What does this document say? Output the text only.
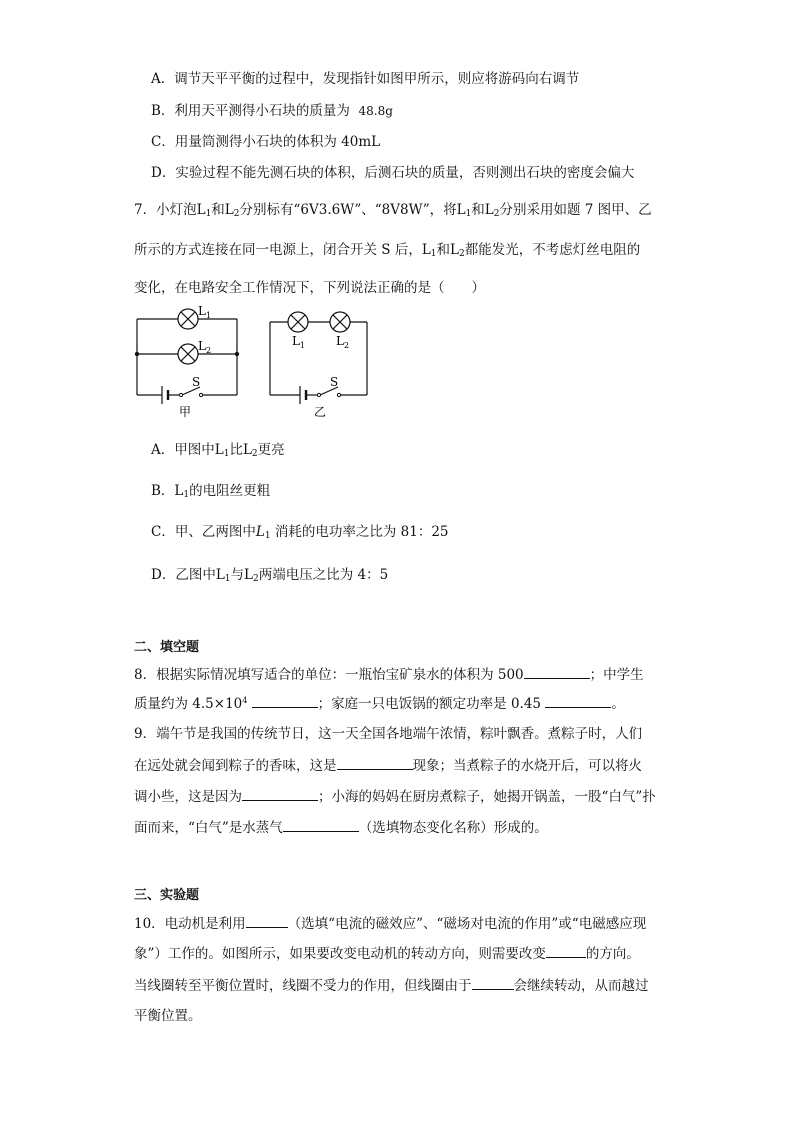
A．调节天平平衡的过程中，发现指针如图甲所示，则应将游码向右调节
B．利用天平测得小石块的质量为 48.8g
C．用量筒测得小石块的体积为 40mL
D．实验过程不能先测石块的体积，后测石块的质量，否则测出石块的密度会偏大
7．小灯泡$L_1$和$L_2$分别标有“6V3.6W”、“8V8W”，将$L_1$和$L_2$分别采用如题 7 图甲、乙
所示的方式连接在同一电源上，闭合开关 S 后，$L_1$和$L_2$都能发光，不考虑灯丝电阻的
变化，在电路安全工作情况下，下列说法正确的是（　　）
$L_1$
$L_2$
S
甲
$L_1$	$L_2$
S
乙
A．甲图中$L_1$比$L_2$更亮
B．$L_1$的电阻丝更粗
C．甲、乙两图中$L_1$ 消耗的电功率之比为 81：25
D．乙图中$L_1$与$L_2$两端电压之比为 4：5
二、填空题
8．根据实际情况填写适合的单位：一瓶怡宝矿泉水的体积为 500	；中学生
质量约为 $4.5\times 10^4$	；家庭一只电饭锅的额定功率是 0.45	。
9．端午节是我国的传统节日，这一天全国各地端午浓情，粽叶飘香。煮粽子时，人们
在远处就会闻到粽子的香味，这是	现象；当煮粽子的水烧开后，可以将火
调小些，这是因为	；小海的妈妈在厨房煮粽子，她揭开锅盖，一股“白气”扑
面而来，“白气”是水蒸气	（选填物态变化名称）形成的。
三、实验题
10．电动机是利用	（选填“电流的磁效应”、“磁场对电流的作用”或“电磁感应现
象”）工作的。如图所示，如果要改变电动机的转动方向，则需要改变	的方向。
当线圈转至平衡位置时，线圈不受力的作用，但线圈由于	会继续转动，从而越过
平衡位置。
